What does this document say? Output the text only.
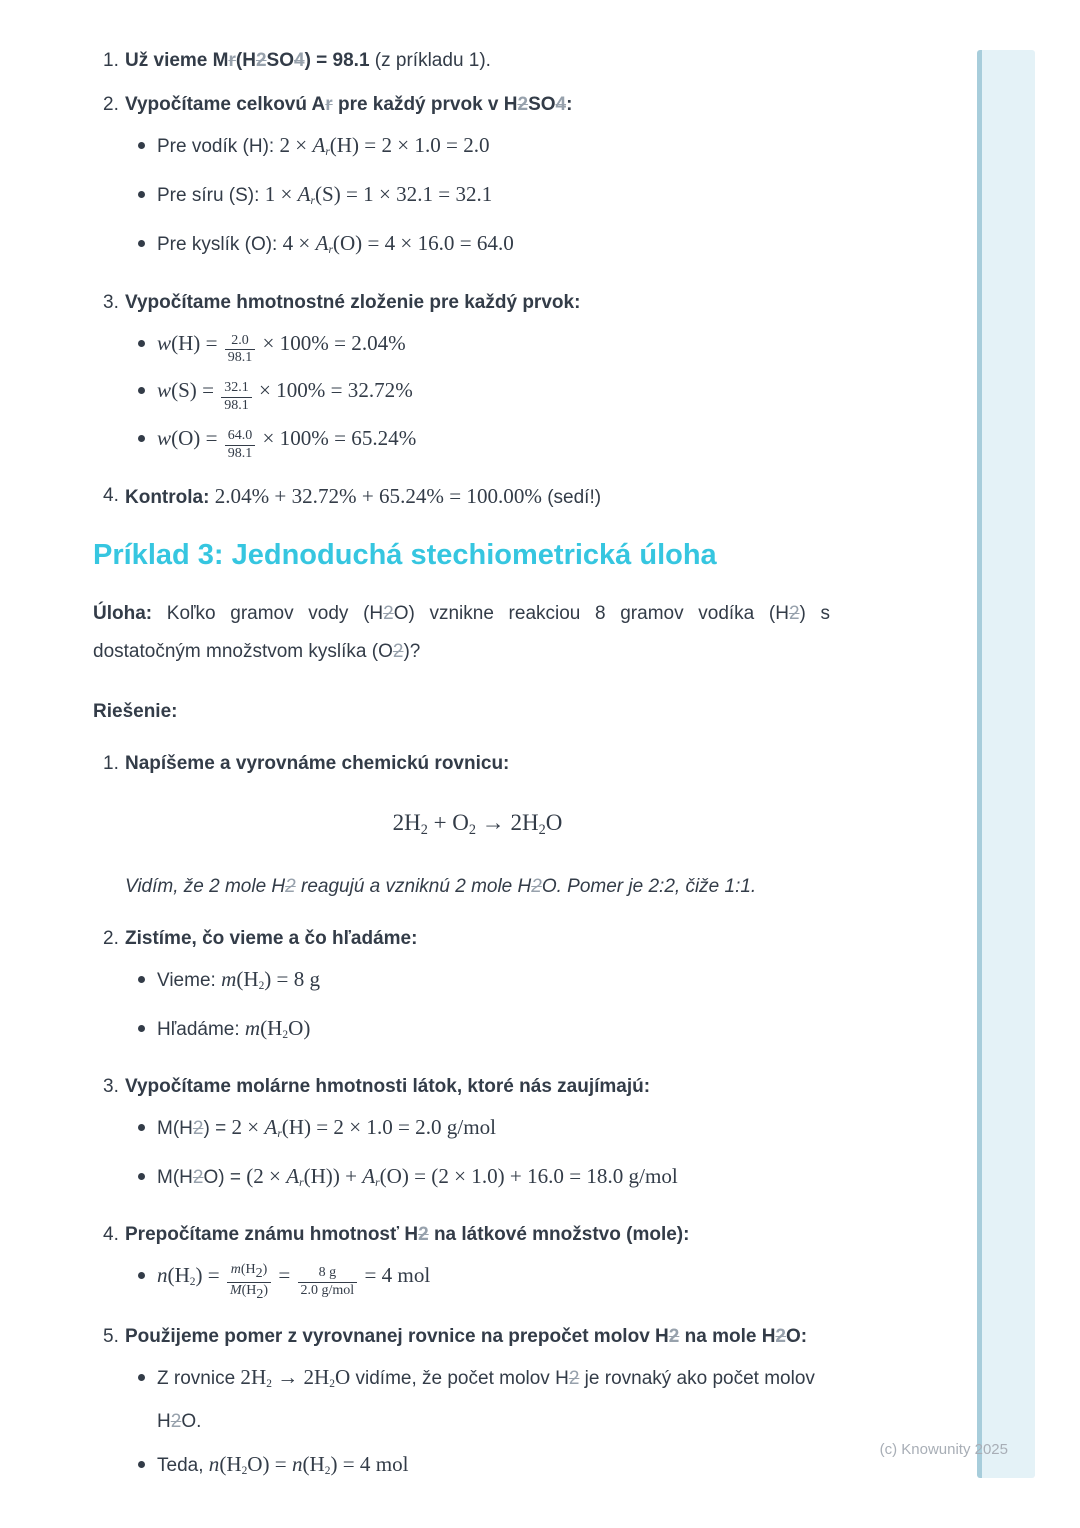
1. Už vieme Mr(H2SO4) = 98.1 (z príkladu 1).
2. Vypočítame celkovú Ar pre každý prvok v H2SO4:
Pre vodík (H): $2 \times A_r(H) = 2 \times 1.0 = 2.0$
Pre síru (S): $1 \times A_r(S) = 1 \times 32.1 = 32.1$
Pre kyslík (O): $4 \times A_r(O) = 4 \times 16.0 = 64.0$
3. Vypočítame hmotnostné zloženie pre každý prvok:
$w(H) = \frac{2.0}{98.1} \times 100\% = 2.04\%$
$w(S) = \frac{32.1}{98.1} \times 100\% = 32.72\%$
$w(O) = \frac{64.0}{98.1} \times 100\% = 65.24\%$
4. Kontrola: 2.04% + 32.72% + 65.24% = 100.00% (sedí!)
Príklad 3: Jednoduchá stechiometrická úloha

Úloha: Koľko gramov vody (H2O) vznikne reakciou 8 gramov vodíka (H2) s dostatočným množstvom kyslíka (O2)?

Riešenie:

1. Napíšeme a vyrovnáme chemickú rovnicu:
$2H_2 + O_2 \to 2H_2O$
Vidím, že 2 mole H2 reagujú a vzniknú 2 mole H2O. Pomer je 2:2, čiže 1:1.
2. Zistíme, čo vieme a čo hľadáme:
Vieme: $m(H_2) = 8$ g
Hľadáme: $m(H_2O)$
3. Vypočítame molárne hmotnosti látok, ktoré nás zaujímajú:
$M(H2) = 2 \times A_r(H) = 2 \times 1.0 = 2.0$ g/mol
$M(H2O) = (2 \times A_r(H)) + A_r(O) = (2 \times 1.0) + 16.0 = 18.0$ g/mol
4. Prepočítame známu hmotnosť H2 na látkové množstvo (mole):
$n(H_2) = \frac{m(H2)}{M(H2)} = \frac{8 g}{\text{2.0 g/mol}} = 4$ mol
5. Použijeme pomer z vyrovnanej rovnice na prepočet molov H2 na mole H2O:
Z rovnice $2H_2 \to 2H_2O$ vidíme, že počet molov H2 je rovnaký ako počet molov H2O.
Teda, $n(H_2O) = n(H_2) = 4$ mol
(c) Knowunity 2025
